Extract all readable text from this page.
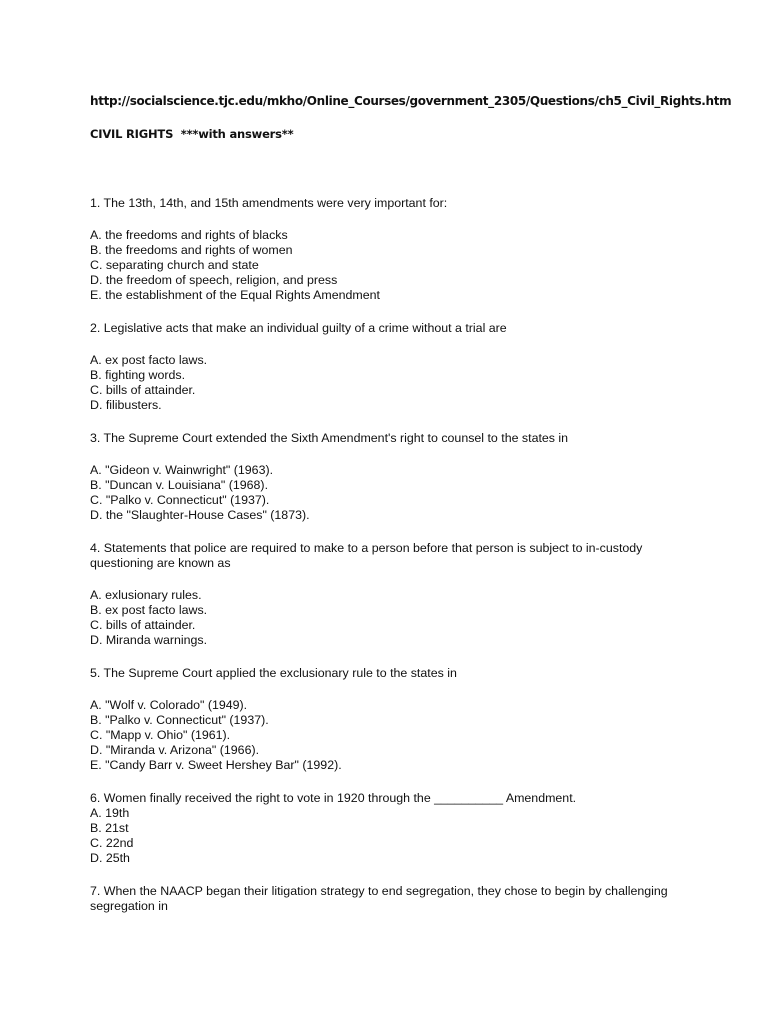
http://socialscience.tjc.edu/mkho/Online_Courses/government_2305/Questions/ch5_Civil_Rights.htm
CIVIL RIGHTS  ***with answers**
1. The 13th, 14th, and 15th amendments were very important for:
A. the freedoms and rights of blacks
B. the freedoms and rights of women
C. separating church and state
D. the freedom of speech, religion, and press
E. the establishment of the Equal Rights Amendment
2. Legislative acts that make an individual guilty of a crime without a trial are
A. ex post facto laws.
B. fighting words.
C. bills of attainder.
D. filibusters.
3. The Supreme Court extended the Sixth Amendment's right to counsel to the states in
A. "Gideon v. Wainwright" (1963).
B. "Duncan v. Louisiana" (1968).
C. "Palko v. Connecticut" (1937).
D. the "Slaughter-House Cases" (1873).
4. Statements that police are required to make to a person before that person is subject to in-custody
questioning are known as
A. exlusionary rules.
B. ex post facto laws.
C. bills of attainder.
D. Miranda warnings.
5. The Supreme Court applied the exclusionary rule to the states in
A. "Wolf v. Colorado" (1949).
B. "Palko v. Connecticut" (1937).
C. "Mapp v. Ohio" (1961).
D. "Miranda v. Arizona" (1966).
E. "Candy Barr v. Sweet Hershey Bar" (1992).
6. Women finally received the right to vote in 1920 through the __________ Amendment.
A. 19th
B. 21st
C. 22nd
D. 25th
7. When the NAACP began their litigation strategy to end segregation, they chose to begin by challenging
segregation in
